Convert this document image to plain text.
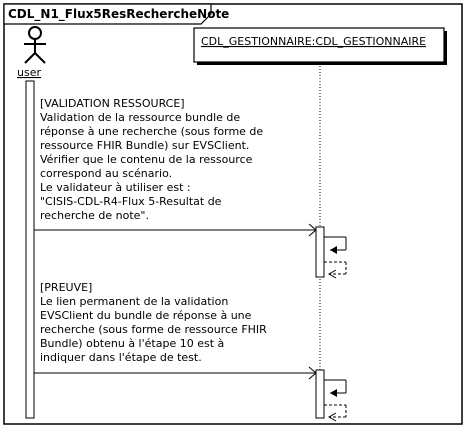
CDL_N1_Flux5ResRechercheNote
user
CDL_GESTIONNAIRE:CDL_GESTIONNAIRE
[VALIDATION RESSOURCE] Validation de la ressource bundle de réponse à une recherche (sous forme de ressource FHIR Bundle) sur EVSClient. Vérifier que le contenu de la ressource correspond au scénario. Le validateur à utiliser est : "CISIS-CDL-R4-Flux 5-Resultat de recherche de note".
[PREUVE] Le lien permanent de la validation EVSClient du bundle de réponse à une recherche (sous forme de ressource FHIR Bundle) obtenu à l'étape 10 est à indiquer dans l'étape de test.
